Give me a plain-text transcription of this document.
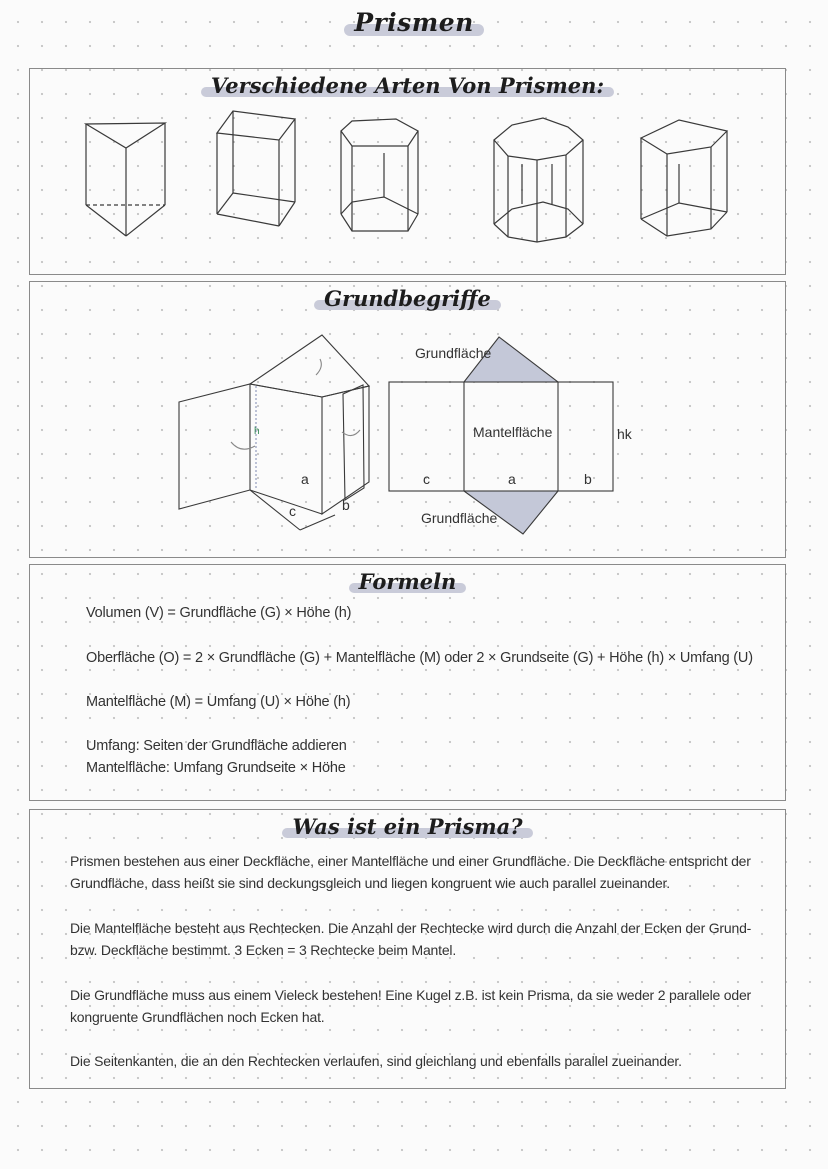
Prismen
Verschiedene Arten Von Prismen:
Grundbegriffe
h
a
b
c
Grundfläche
Mantelfläche	hk
c	a	b
Grundfläche
Formeln
Volumen (V) = Grundfläche (G) × Höhe (h)
Oberfläche (O) = 2 × Grundfläche (G) + Mantelfläche (M) oder 2 × Grundseite (G) + Höhe (h) × Umfang (U)
Mantelfläche (M) = Umfang (U) × Höhe (h)
Umfang: Seiten der Grundfläche addieren
Mantelfläche: Umfang Grundseite × Höhe
Was ist ein Prisma?
Prismen bestehen aus einer Deckfläche, einer Mantelfläche und einer Grundfläche. Die Deckfläche entspricht der
Grundfläche, dass heißt sie sind deckungsgleich und liegen kongruent wie auch parallel zueinander.
Die Mantelfläche besteht aus Rechtecken. Die Anzahl der Rechtecke wird durch die Anzahl der Ecken der Grund-
bzw. Deckfläche bestimmt. 3 Ecken = 3 Rechtecke beim Mantel.
Die Grundfläche muss aus einem Vieleck bestehen! Eine Kugel z.B. ist kein Prisma, da sie weder 2 parallele oder
kongruente Grundflächen noch Ecken hat.
Die Seitenkanten, die an den Rechtecken verlaufen, sind gleichlang und ebenfalls parallel zueinander.
